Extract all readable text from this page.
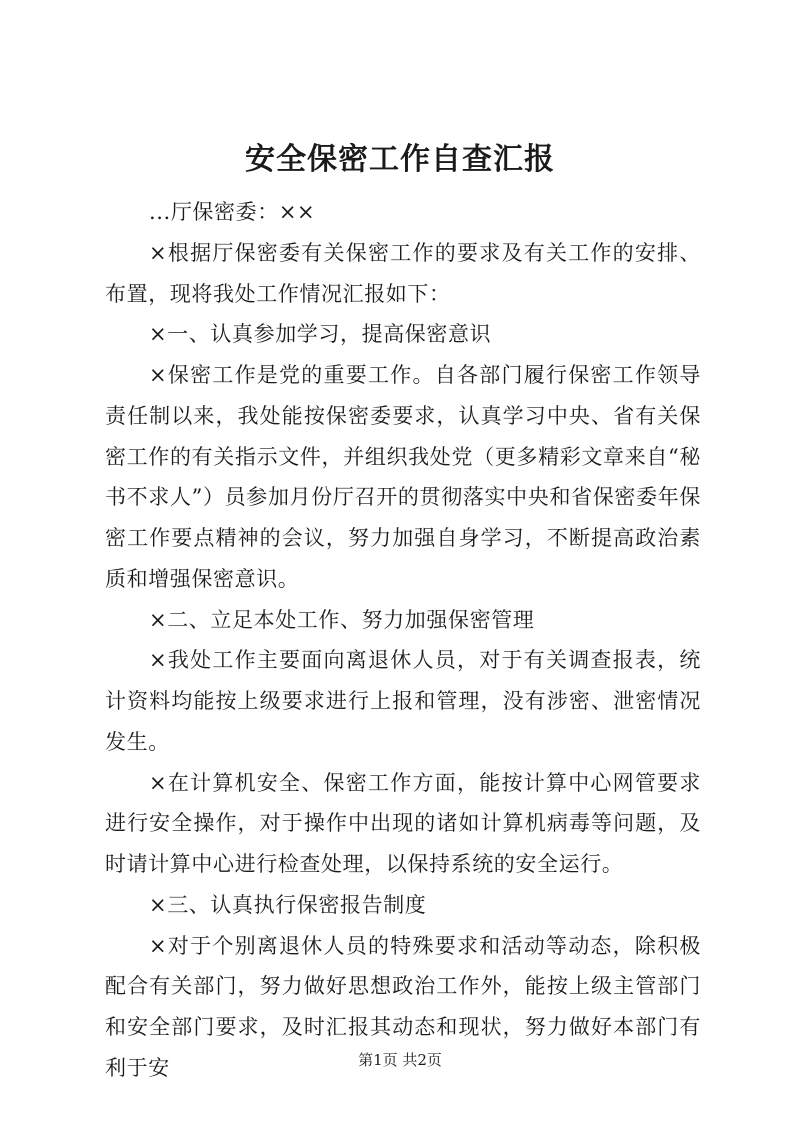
安全保密工作自查汇报

...厅保密委：××

×根据厅保密委有关保密工作的要求及有关工作的安排、布置，现将我处工作情况汇报如下：

×一、认真参加学习，提高保密意识

×保密工作是党的重要工作。自各部门履行保密工作领导责任制以来，我处能按保密委要求，认真学习中央、省有关保密工作的有关指示文件，并组织我处党（更多精彩文章来自“秘书不求人”）员参加月份厅召开的贯彻落实中央和省保密委年保密工作要点精神的会议，努力加强自身学习，不断提高政治素质和增强保密意识。

×二、立足本处工作、努力加强保密管理

×我处工作主要面向离退休人员，对于有关调查报表，统计资料均能按上级要求进行上报和管理，没有涉密、泄密情况发生。

×在计算机安全、保密工作方面，能按计算中心网管要求进行安全操作，对于操作中出现的诸如计算机病毒等问题，及时请计算中心进行检查处理，以保持系统的安全运行。

×三、认真执行保密报告制度

×对于个别离退休人员的特殊要求和活动等动态，除积极配合有关部门，努力做好思想政治工作外，能按上级主管部门和安全部门要求，及时汇报其动态和现状，努力做好本部门有利于安	第1页 共2页
